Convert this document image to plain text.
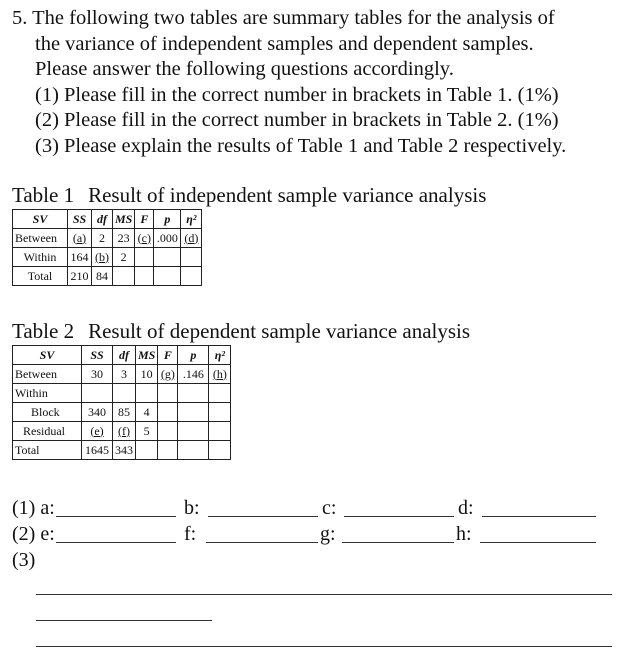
5. The following two tables are summary tables for the analysis of
the variance of independent samples and dependent samples.
Please answer the following questions accordingly.
(1) Please fill in the correct number in brackets in Table 1. (1%)
(2) Please fill in the correct number in brackets in Table 2. (1%)
(3) Please explain the results of Table 1 and Table 2 respectively.
Table 1 Result of independent sample variance analysis
SV	SS	df	MS	F	p	η²
Between	(a)	2	23	(c)	.000	(d)
Within	164	(b)	2			
Total	210	84				
Table 2 Result of dependent sample variance analysis
SV	SS	df	MS	F	p	η²
Between	30	3	10	(g)	.146	(h)
Within						
Block	340	85	4			
Residual	(e)	(f)	5			
Total	1645	343				
(1) a:	b:	c:	d:
(2) e:	f:	g:	h:
(3)
